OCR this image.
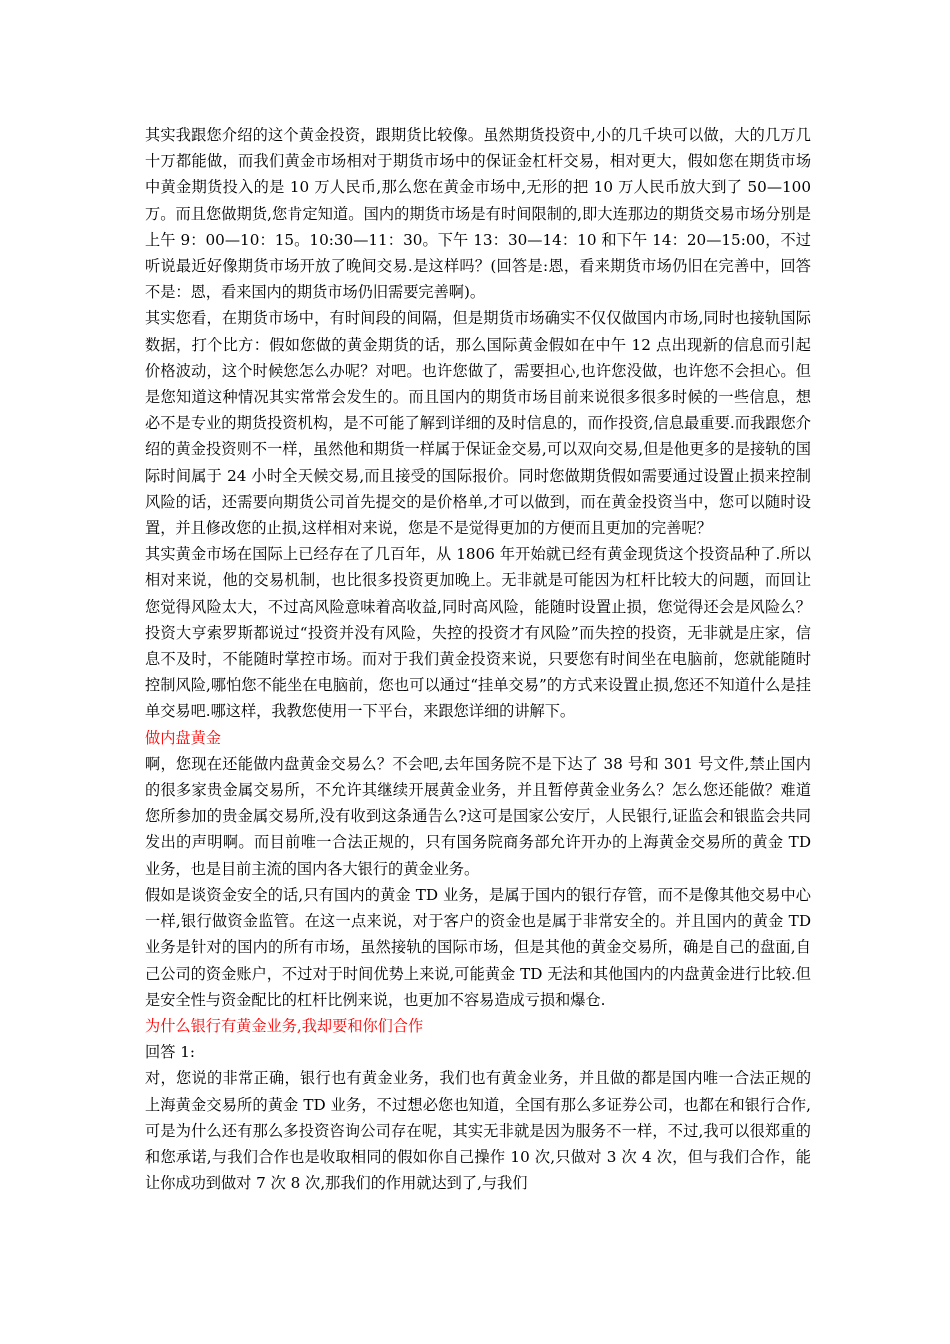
其实我跟您介绍的这个黄金投资，跟期货比较像。虽然期货投资中,小的几千块可以做，大的几万几十万都能做，而我们黄金市场相对于期货市场中的保证金杠杆交易，相对更大，假如您在期货市场中黄金期货投入的是 10 万人民币,那么您在黄金市场中,无形的把 10 万人民币放大到了 50—100 万。而且您做期货,您肯定知道。国内的期货市场是有时间限制的,即大连那边的期货交易市场分别是上午 9：00—10：15。10:30—11：30。下午 13：30—14：10 和下午 14：20—15:00，不过听说最近好像期货市场开放了晚间交易.是这样吗？(回答是:恩，看来期货市场仍旧在完善中，回答不是：恩，看来国内的期货市场仍旧需要完善啊)。

其实您看，在期货市场中，有时间段的间隔，但是期货市场确实不仅仅做国内市场,同时也接轨国际数据，打个比方：假如您做的黄金期货的话，那么国际黄金假如在中午 12 点出现新的信息而引起价格波动，这个时候您怎么办呢？对吧。也许您做了，需要担心,也许您没做，也许您不会担心。但是您知道这种情况其实常常会发生的。而且国内的期货市场目前来说很多很多时候的一些信息，想必不是专业的期货投资机构，是不可能了解到详细的及时信息的，而作投资,信息最重要.而我跟您介绍的黄金投资则不一样，虽然他和期货一样属于保证金交易,可以双向交易,但是他更多的是接轨的国际时间属于 24 小时全天候交易,而且接受的国际报价。同时您做期货假如需要通过设置止损来控制风险的话，还需要向期货公司首先提交的是价格单,才可以做到，而在黄金投资当中，您可以随时设置，并且修改您的止损,这样相对来说，您是不是觉得更加的方便而且更加的完善呢？

其实黄金市场在国际上已经存在了几百年，从 1806 年开始就已经有黄金现货这个投资品种了.所以相对来说，他的交易机制，也比很多投资更加晚上。无非就是可能因为杠杆比较大的问题，而回让您觉得风险太大，不过高风险意味着高收益,同时高风险，能随时设置止损，您觉得还会是风险么？投资大亨索罗斯都说过“投资并没有风险，失控的投资才有风险”而失控的投资，无非就是庄家，信息不及时，不能随时掌控市场。而对于我们黄金投资来说，只要您有时间坐在电脑前，您就能随时控制风险,哪怕您不能坐在电脑前，您也可以通过“挂单交易”的方式来设置止损,您还不知道什么是挂单交易吧.哪这样，我教您使用一下平台，来跟您详细的讲解下。

做内盘黄金

啊，您现在还能做内盘黄金交易么？不会吧,去年国务院不是下达了 38 号和 301 号文件,禁止国内的很多家贵金属交易所，不允许其继续开展黄金业务，并且暂停黄金业务么？怎么您还能做？难道您所参加的贵金属交易所,没有收到这条通告么?这可是国家公安厅，人民银行,证监会和银监会共同发出的声明啊。而目前唯一合法正规的，只有国务院商务部允许开办的上海黄金交易所的黄金 TD 业务，也是目前主流的国内各大银行的黄金业务。

假如是谈资金安全的话,只有国内的黄金 TD 业务，是属于国内的银行存管，而不是像其他交易中心一样,银行做资金监管。在这一点来说，对于客户的资金也是属于非常安全的。并且国内的黄金 TD 业务是针对的国内的所有市场，虽然接轨的国际市场，但是其他的黄金交易所，确是自己的盘面,自己公司的资金账户，不过对于时间优势上来说,可能黄金 TD 无法和其他国内的内盘黄金进行比较.但是安全性与资金配比的杠杆比例来说，也更加不容易造成亏损和爆仓.

为什么银行有黄金业务,我却要和你们合作

回答 1:

对，您说的非常正确，银行也有黄金业务，我们也有黄金业务，并且做的都是国内唯一合法正规的上海黄金交易所的黄金 TD 业务，不过想必您也知道，全国有那么多证券公司，也都在和银行合作,可是为什么还有那么多投资咨询公司存在呢，其实无非就是因为服务不一样，不过,我可以很郑重的和您承诺,与我们合作也是收取相同的假如你自己操作 10 次,只做对 3 次 4 次，但与我们合作，能让你成功到做对 7 次 8 次,那我们的作用就达到了,与我们
